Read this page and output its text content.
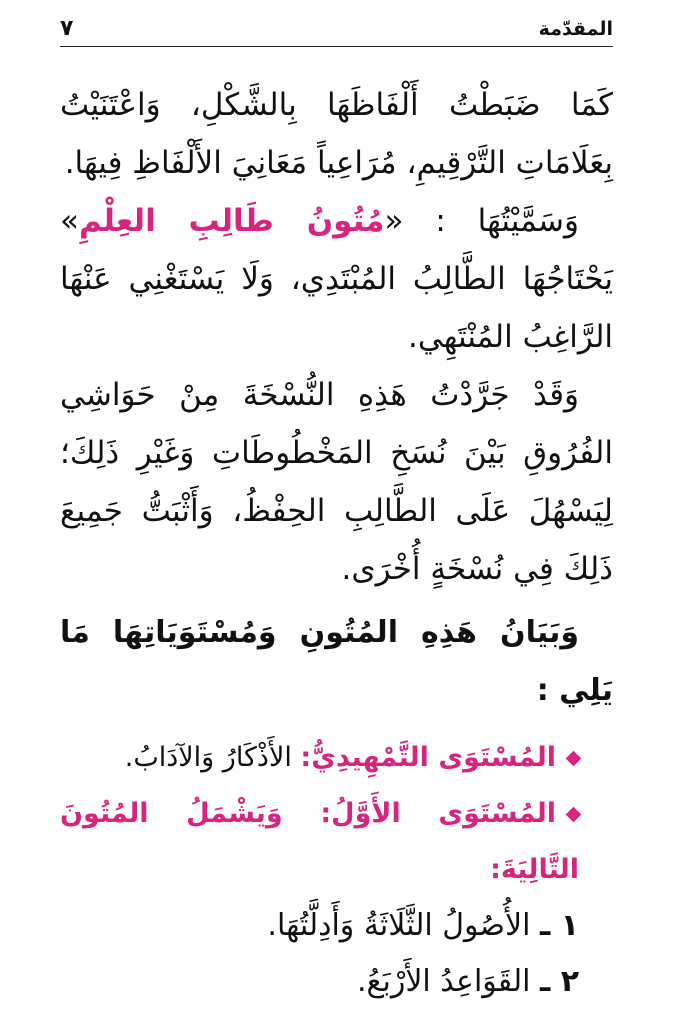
المقدّمة
٧

كَمَا ضَبَطْتُ أَلْفَاظَهَا بِالشَّكْلِ، وَاعْتَنَيْتُ بِعَلَامَاتِ التَّرْقِيمِ، مُرَاعِياً مَعَانِيَ الأَلْفَاظِ فِيهَا.

وَسَمَّيْتُهَا : «مُتُونُ طَالِبِ العِلْمِ» يَحْتَاجُهَا الطَّالِبُ المُبْتَدِي، وَلَا يَسْتَغْنِي عَنْهَا الرَّاغِبُ المُنْتَهِي.

وَقَدْ جَرَّدْتُ هَذِهِ النُّسْخَةَ مِنْ حَوَاشِي الفُرُوقِ بَيْنَ نُسَخِ المَخْطُوطَاتِ وَغَيْرِ ذَلِكَ؛ لِيَسْهُلَ عَلَى الطَّالِبِ الحِفْظُ، وَأَثْبَتُّ جَمِيعَ ذَلِكَ فِي نُسْخَةٍ أُخْرَى.

وَبَيَانُ هَذِهِ المُتُونِ وَمُسْتَوَيَاتِهَا مَا يَلِي :

المُسْتَوَى التَّمْهِيدِيُّ: الأَذْكَارُ وَالآدَابُ.

المُسْتَوَى الأَوَّلُ: وَيَشْمَلُ المُتُونَ التَّالِيَةَ:

١ ـ الأُصُولُ الثَّلَاثَةُ وَأَدِلَّتُهَا.

٢ ـ القَوَاعِدُ الأَرْبَعُ.
